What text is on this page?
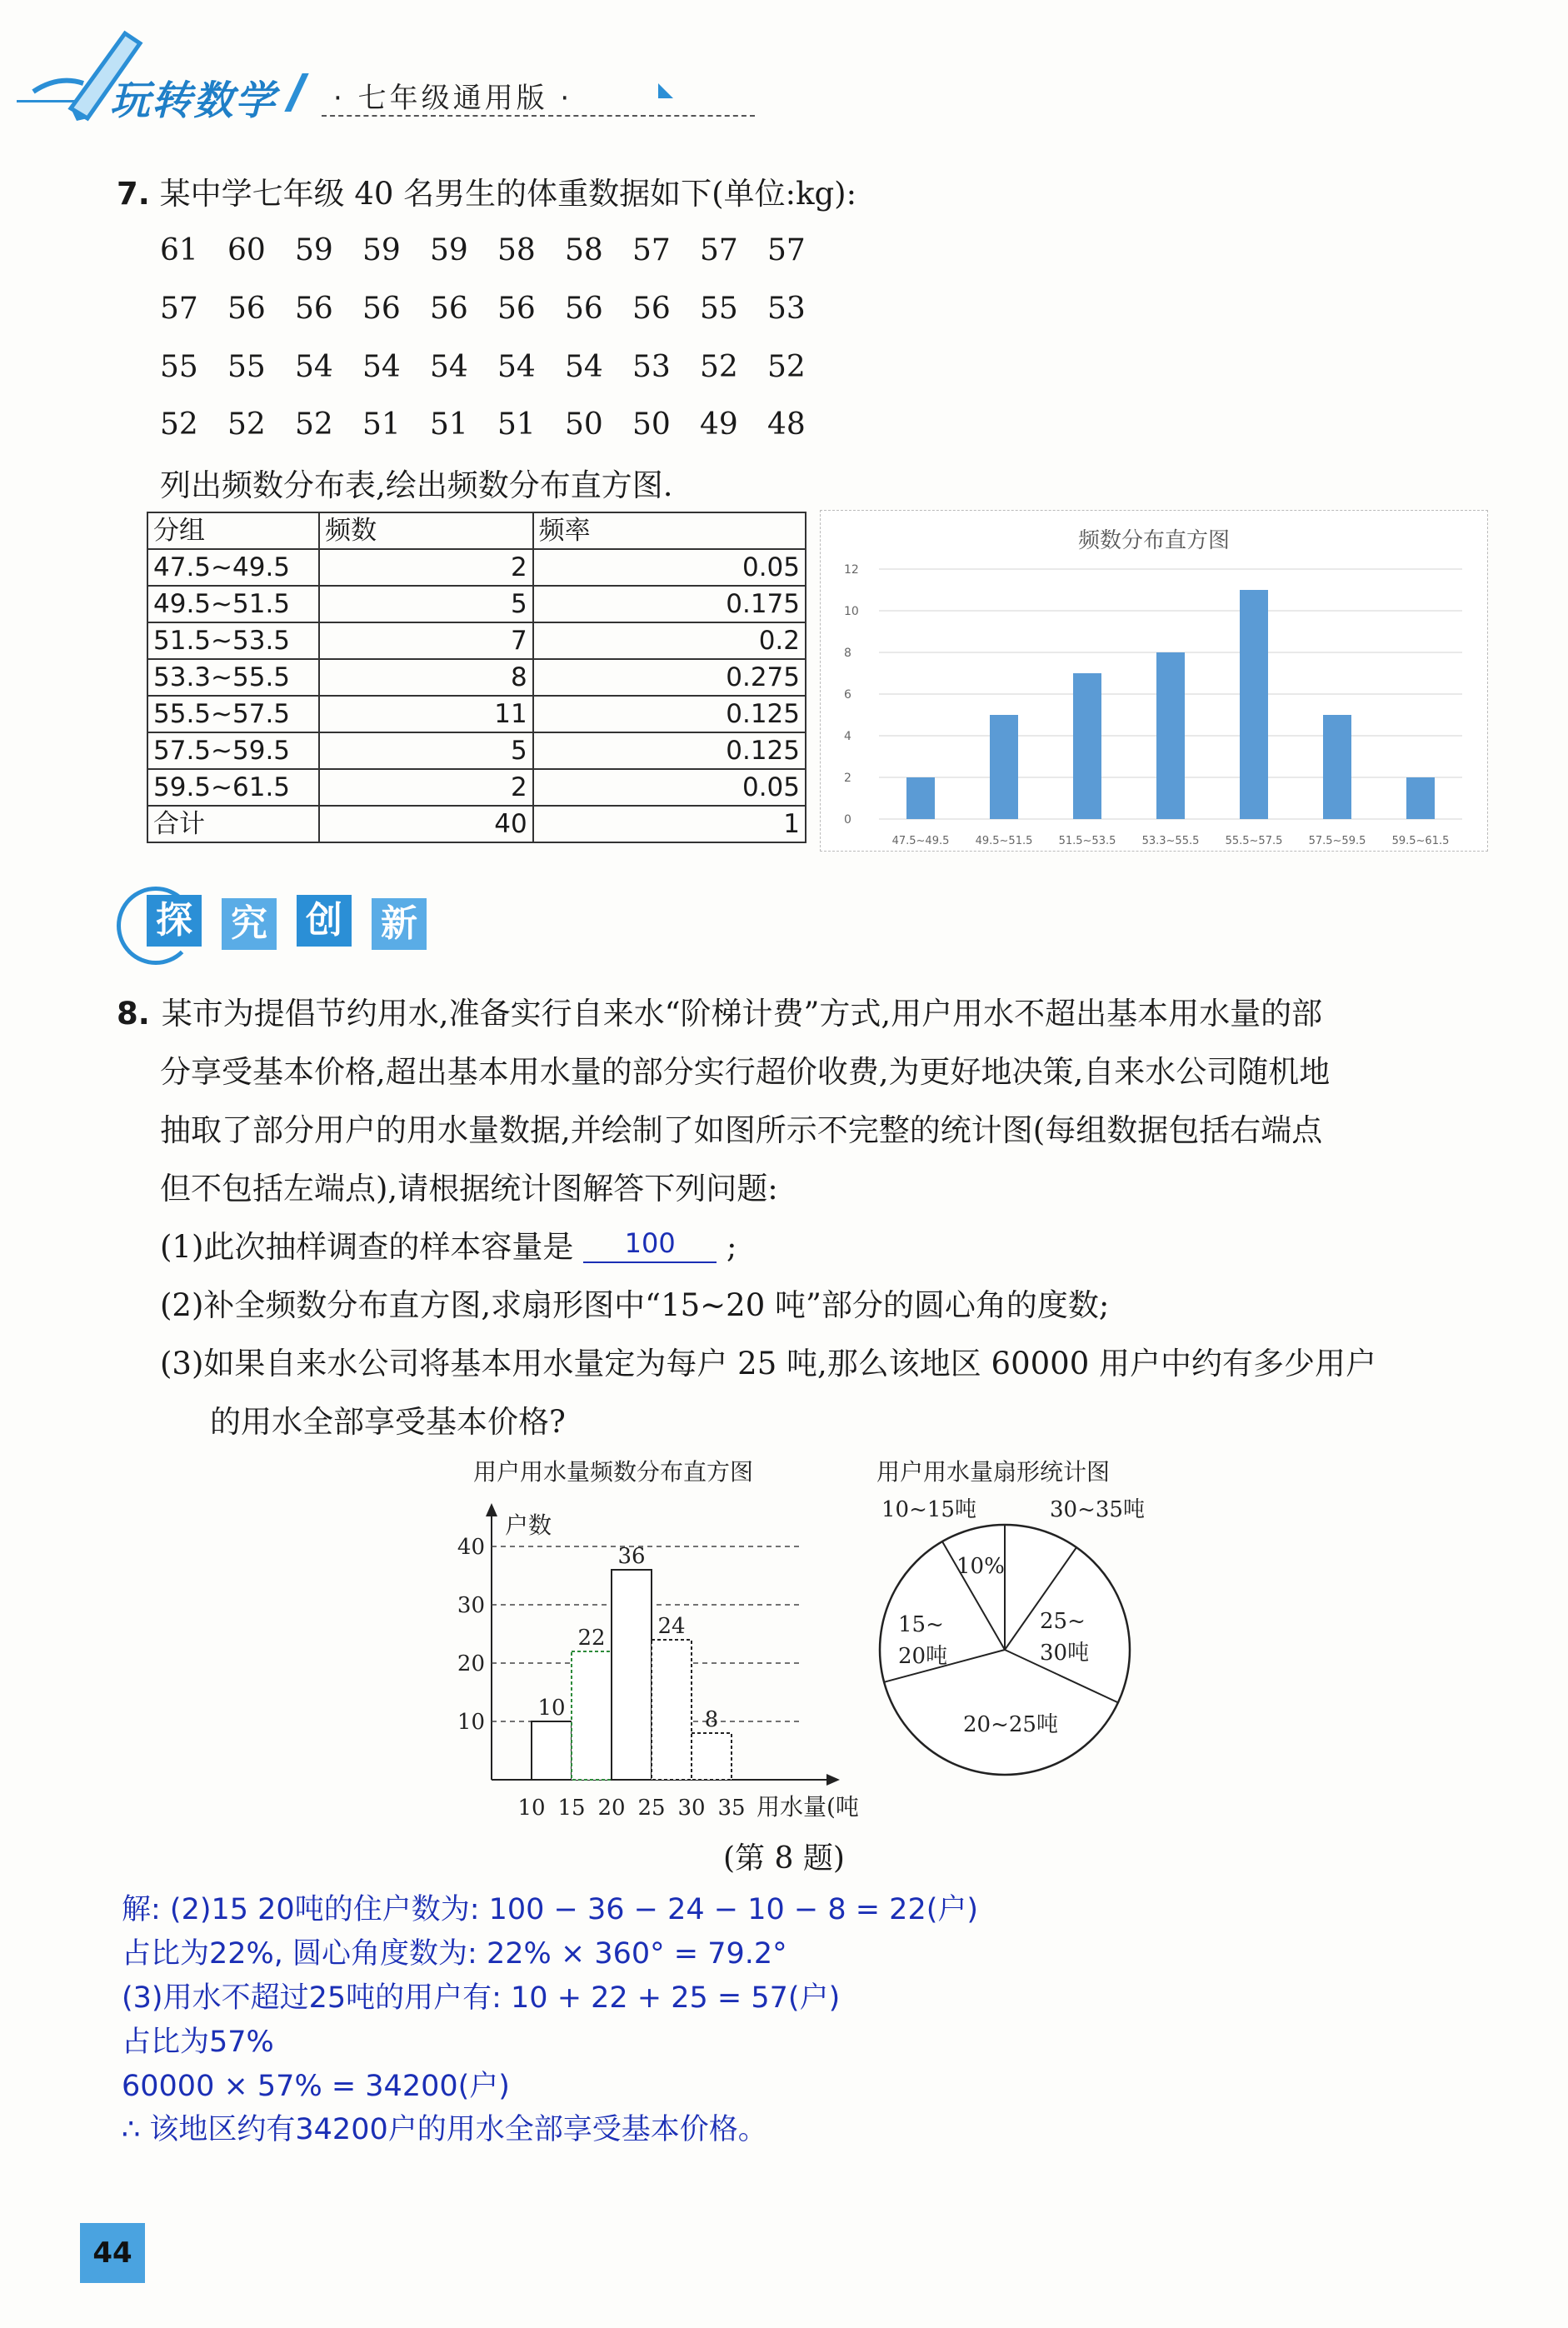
玩转数学 · 七年级通用版 ·
7. 某中学七年级 40 名男生的体重数据如下(单位:kg):
61 60 59 59 59 58 58 57 57 57
57 56 56 56 56 56 56 56 55 53
55 55 54 54 54 54 54 53 52 52
52 52 52 51 51 51 50 50 49 48
列出频数分布表,绘出频数分布直方图.
分组	频数	频率
47.5~49.5	2	0.05
49.5~51.5	5	0.175
51.5~53.5	7	0.2
53.3~55.5	8	0.275
55.5~57.5	11	0.125
57.5~59.5	5	0.125
59.5~61.5	2	0.05
合计	40	1
频数分布直方图
0
2
4
6
8
10
12
47.5~49.5 49.5~51.5 51.5~53.5 53.3~55.5 55.5~57.5 57.5~59.5 59.5~61.5
探 究 创 新
8. 某市为提倡节约用水,准备实行自来水“阶梯计费”方式,用户用水不超出基本用水量的部
分享受基本价格,超出基本用水量的部分实行超价收费,为更好地决策,自来水公司随机地
抽取了部分用户的用水量数据,并绘制了如图所示不完整的统计图(每组数据包括右端点
但不包括左端点),请根据统计图解答下列问题:
(1)此次抽样调查的样本容量是 100 ;
(2)补全频数分布直方图,求扇形图中“15~20 吨”部分的圆心角的度数;
(3)如果自来水公司将基本用水量定为每户 25 吨,那么该地区 60000 用户中约有多少用户
的用水全部享受基本价格?
用户用水量频数分布直方图
户数
10
20
30
40
10 15 20 25 30 35 用水量(吨
10
22
36
24
8
用户用水量扇形统计图
10~15吨	30~35吨
10%
15~
20吨
25~
30吨
20~25吨
(第 8 题)
解: (2)15 20吨的住户数为: 100 − 36 − 24 − 10 − 8 = 22(户)
占比为22%, 圆心角度数为: 22% × 360° = 79.2°
(3)用水不超过25吨的用户有: 10 + 22 + 25 = 57(户)
占比为57%
60000 × 57% = 34200(户)
∴ 该地区约有34200户的用水全部享受基本价格。
44
